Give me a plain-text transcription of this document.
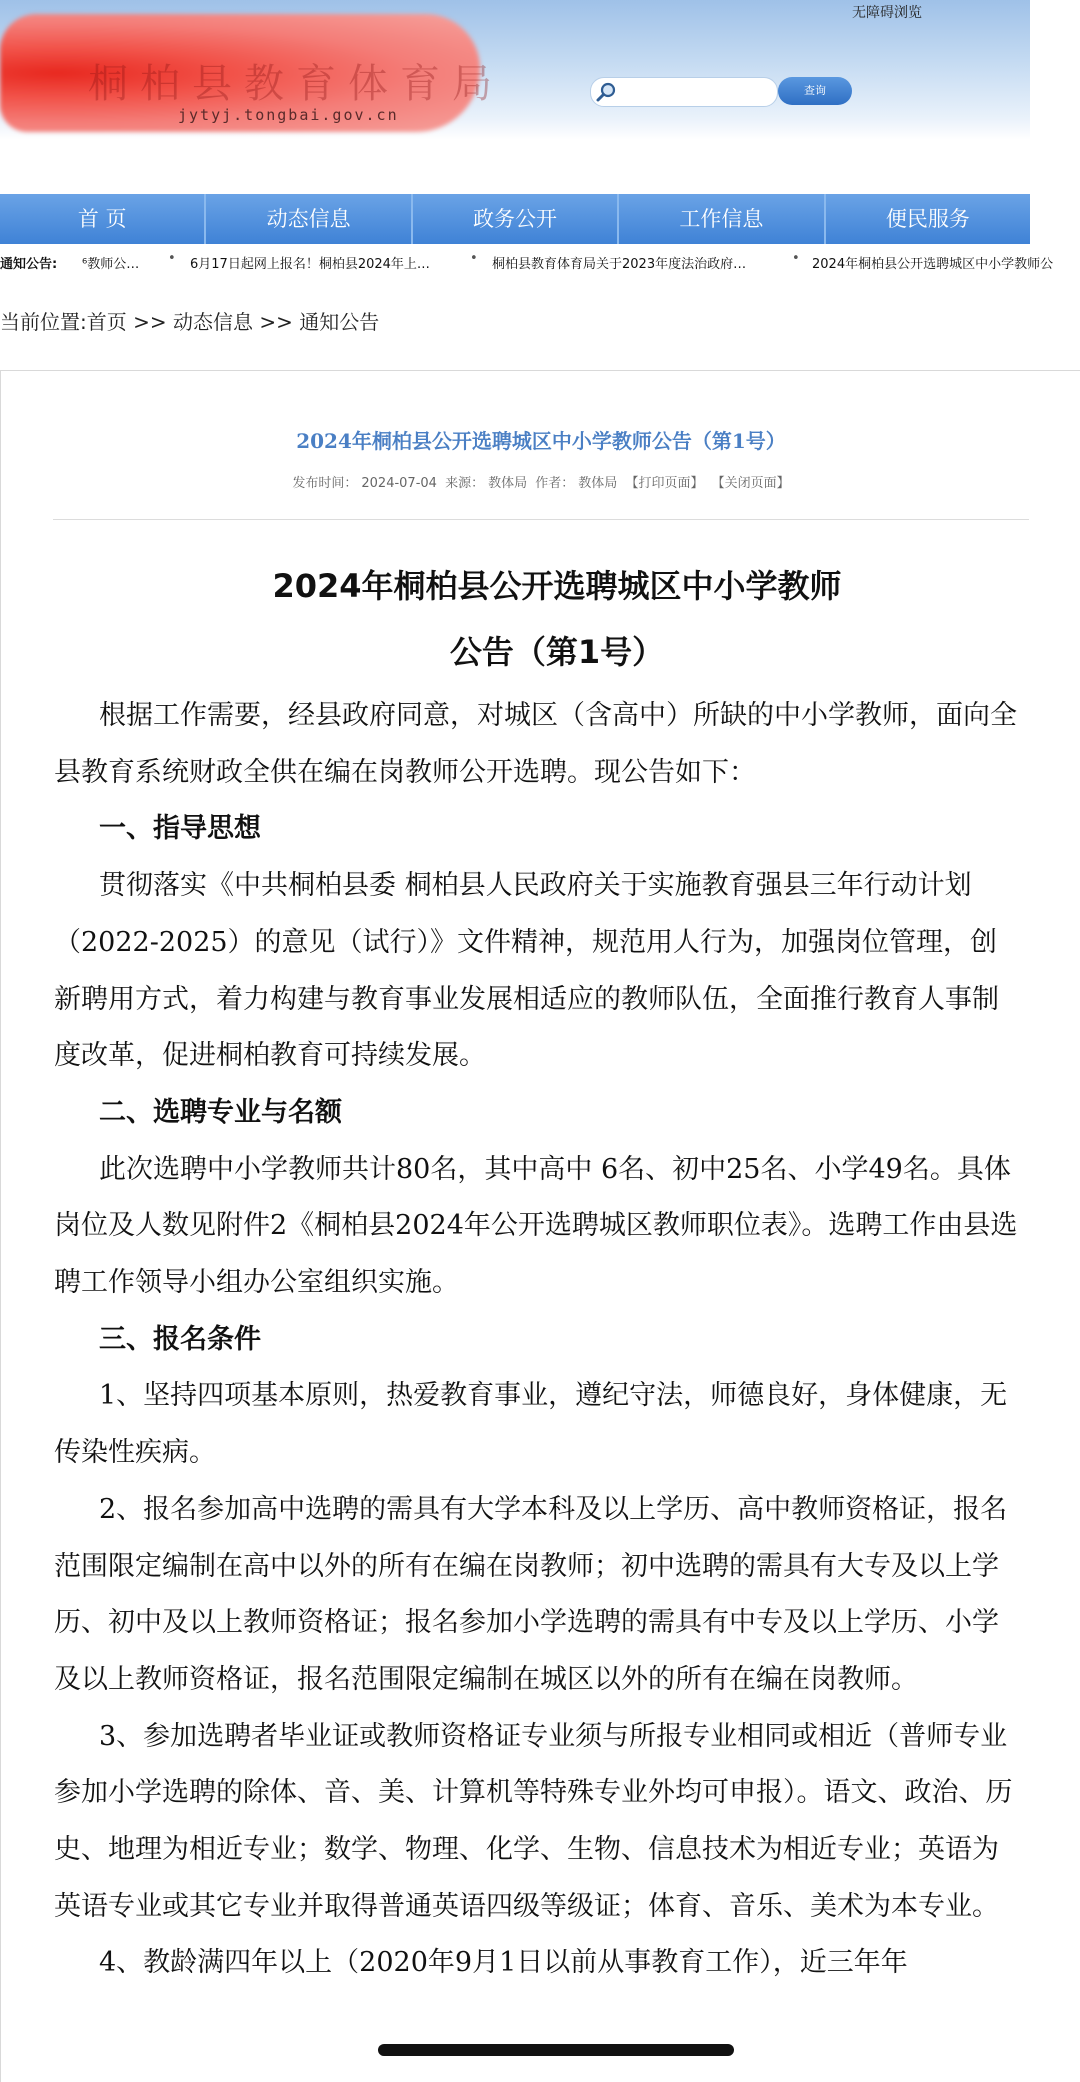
桐柏县教育体育局
jytyj.tongbai.gov.cn
无障碍浏览
查询
首 页	动态信息	政务公开	工作信息	便民服务
通知公告: ⁶教师公… • 6月17日起网上报名！桐柏县2024年上…	• 桐柏县教育体育局关于2023年度法治政府…	• 2024年桐柏县公开选聘城区中小学教师公
当前位置:首页 >> 动态信息 >> 通知公告
2024年桐柏县公开选聘城区中小学教师公告（第1号）
发布时间： 2024-07-04 来源： 教体局 作者： 教体局 【打印页面】 【关闭页面】
2024年桐柏县公开选聘城区中小学教师
公告（第1号）

根据工作需要，经县政府同意，对城区（含高中）所缺的中小学教师，面向全县教育系统财政全供在编在岗教师公开选聘。现公告如下：

一、指导思想

贯彻落实《中共桐柏县委 桐柏县人民政府关于实施教育强县三年行动计划（2022-2025）的意见（试行）》文件精神，规范用人行为，加强岗位管理，创新聘用方式，着力构建与教育事业发展相适应的教师队伍，全面推行教育人事制度改革，促进桐柏教育可持续发展。

二、选聘专业与名额

此次选聘中小学教师共计80名，其中高中 6名、初中25名、小学49名。具体岗位及人数见附件2《桐柏县2024年公开选聘城区教师职位表》。选聘工作由县选聘工作领导小组办公室组织实施。

三、报名条件

1、坚持四项基本原则，热爱教育事业，遵纪守法，师德良好，身体健康，无传染性疾病。

2、报名参加高中选聘的需具有大学本科及以上学历、高中教师资格证，报名范围限定编制在高中以外的所有在编在岗教师；初中选聘的需具有大专及以上学历、初中及以上教师资格证；报名参加小学选聘的需具有中专及以上学历、小学及以上教师资格证，报名范围限定编制在城区以外的所有在编在岗教师。

3、参加选聘者毕业证或教师资格证专业须与所报专业相同或相近（普师专业参加小学选聘的除体、音、美、计算机等特殊专业外均可申报）。语文、政治、历史、地理为相近专业；数学、物理、化学、生物、信息技术为相近专业；英语为英语专业或其它专业并取得普通英语四级等级证；体育、音乐、美术为本专业。

4、教龄满四年以上（2020年9月1日以前从事教育工作），近三年年
